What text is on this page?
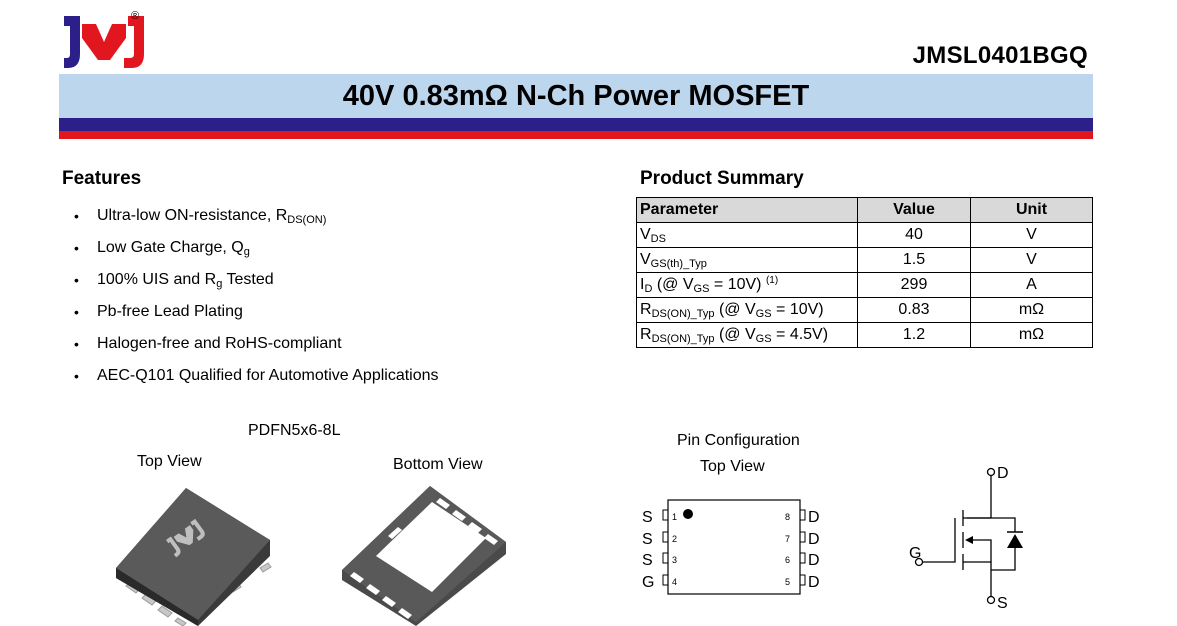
®
JMSL0401BGQ
40V 0.83mΩ N-Ch Power MOSFET
Features
• Ultra-low ON-resistance, $R_{DS(ON)}$
• Low Gate Charge, $Q_g$
• 100% UIS and $R_g$ Tested
• Pb-free Lead Plating
• Halogen-free and RoHS-compliant
• AEC-Q101 Qualified for Automotive Applications
Product Summary
Parameter	Value	Unit
$V_{DS}$	40	V
$V_{GS(th)\_Typ}$	1.5	V
$I_D$ (@ $V_{GS} = 10V$) $^{(1)}$	299	A
$R_{DS(ON)\_Typ}$ (@ $V_{GS} = 10V$)	0.83	mΩ
$R_{DS(ON)\_Typ}$ (@ $V_{GS} = 4.5V$)	1.2	mΩ
PDFN5x6-8L
Top View	Bottom View
Pin Configuration
Top View
S 1
S 2
S 3
G 4
8 D
7 D
6 D
5 D
D
G
S
